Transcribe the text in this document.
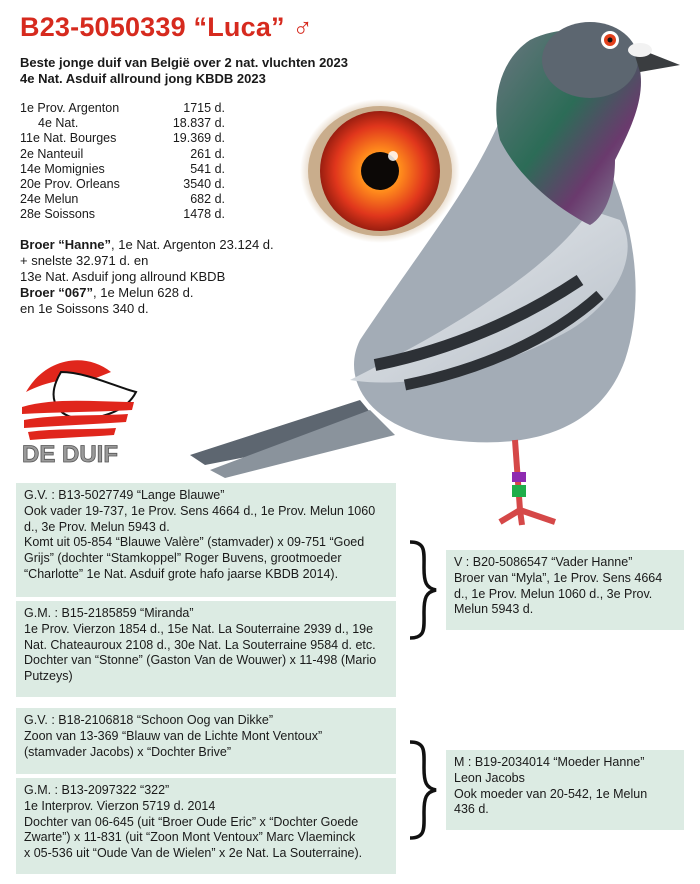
B23-5050339 “Luca” ♂
Beste jonge duif van België over 2 nat. vluchten 2023
4e Nat. Asduif allround jong KBDB 2023
1e Prov. Argenton	1715 d.
4e Nat.	18.837 d.
11e Nat. Bourges	19.369 d.
2e Nanteuil	261 d.
14e Momignies	541 d.
20e Prov. Orleans	3540 d.
24e Melun	682 d.
28e Soissons	1478 d.
Broer “Hanne”, 1e Nat. Argenton 23.124 d.
+ snelste 32.971 d. en
13e Nat. Asduif jong allround KBDB
Broer “067”, 1e Melun 628 d.
en 1e Soissons 340 d.
DE DUIF

G.V. : B13-5027749 “Lange Blauwe”

Ook vader 19-737, 1e Prov. Sens 4664 d., 1e Prov. Melun 1060

d., 3e Prov. Melun 5943 d.

Komt uit 05-854 “Blauwe Valère” (stamvader) x 09-751 “Goed

Grijs” (dochter “Stamkoppel” Roger Buvens, grootmoeder

“Charlotte” 1e Nat. Asduif grote hafo jaarse KBDB 2014).

G.M. : B15-2185859 “Miranda”

1e Prov. Vierzon 1854 d., 15e Nat. La Souterraine 2939 d., 19e

Nat. Chateauroux 2108 d., 30e Nat. La Souterraine 9584 d. etc.

Dochter van “Stonne” (Gaston Van de Wouwer) x 11-498 (Mario

Putzeys)

V : B20-5086547 “Vader Hanne”

Broer van “Myla”, 1e Prov. Sens 4664

d., 1e Prov. Melun 1060 d., 3e Prov.

Melun 5943 d.

G.V. : B18-2106818 “Schoon Oog van Dikke”

Zoon van 13-369 “Blauw van de Lichte Mont Ventoux”

(stamvader Jacobs) x “Dochter Brive”

G.M. : B13-2097322 “322”

1e Interprov. Vierzon 5719 d. 2014

Dochter van 06-645 (uit “Broer Oude Eric” x “Dochter Goede

Zwarte”) x 11-831 (uit “Zoon Mont Ventoux” Marc Vlaeminck

x 05-536 uit “Oude Van de Wielen” x 2e Nat. La Souterraine).

M : B19-2034014 “Moeder Hanne”

Leon Jacobs

Ook moeder van 20-542, 1e Melun

436 d.
